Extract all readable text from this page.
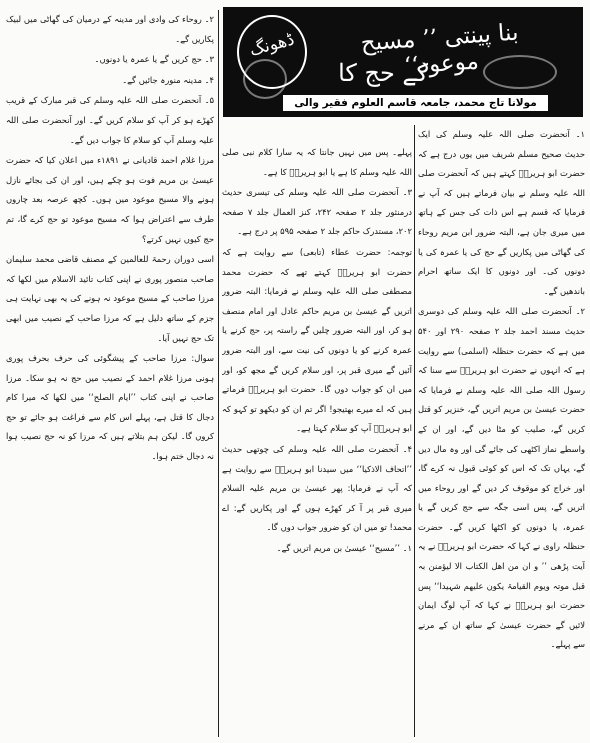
ڈھونگ	بنا پینتی ’’ مسیح موعود‘‘
کے حج کا
مولانا تاج محمد، جامعہ قاسم العلوم فقیر والی

۱۔ آنحضرت صلی اللہ علیہ وسلم کی ایک حدیث صحیح مسلم شریف میں یوں درج ہے کہ حضرت ابو ہریرہؓ کہتے ہیں کہ آنحضرت صلی اللہ علیہ وسلم نے بیان فرماتے ہیں کہ آپ نے فرمایا کہ قسم ہے اس ذات کی جس کے ہاتھ میں میری جان ہے، البتہ ضرور ابن مریم روحاء کی گھاٹی میں پکاریں گے حج کی یا عمرہ کی یا دونوں کی۔ اور دونوں کا ایک ساتھ احرام باندھیں گے۔

۲۔ آنحضرت صلی اللہ علیہ وسلم کی دوسری حدیث مسند احمد جلد ۲ صفحہ ۲۹۰ اور ۵۴۰ میں ہے کہ حضرت حنظلہ (اسلمی) سے روایت ہے کہ انہوں نے حضرت ابو ہریرہؓ سے سنا کہ رسول اللہ صلی اللہ علیہ وسلم نے فرمایا کہ حضرت عیسیٰ بن مریم اتریں گے، خنزیر کو قتل کریں گے، صلیب کو مٹا دیں گے، اور ان کے واسطے نماز اکٹھی کی جائے گی اور وہ مال دیں گے، یہاں تک کہ اس کو کوئی قبول نہ کرے گا، اور خراج کو موقوف کر دیں گے اور روحاء میں اتریں گے، پس اسی جگہ سے حج کریں گے یا عمرہ، یا دونوں کو اکٹھا کریں گے۔ حضرت حنظلہ راوی نے کہا کہ حضرت ابو ہریرہؓ نے یہ آیت پڑھی ’’ و ان من اھل الکتاب الا لیؤمنن بہ قبل موتہ ویوم القیامۃ یکون علیھم شہیدا‘‘ پس حضرت ابو ہریرہؓ نے کہا کہ آپ لوگ ایمان لائیں گے حضرت عیسیٰ کے ساتھ ان کے مرنے سے پہلے۔

پہلے۔ پس میں نہیں جانتا کہ یہ سارا کلام نبی صلی اللہ علیہ وسلم کا ہے یا ابو ہریرہؓ کا ہے۔

۳۔ آنحضرت صلی اللہ علیہ وسلم کی تیسری حدیث درمنثور جلد ۲ صفحہ ۲۴۲، کنز العمال جلد ۷ صفحہ ۲۰۲، مستدرک حاکم جلد ۲ صفحہ ۵۹۵ پر درج ہے۔

توجمہ: حضرت عطاء (تابعی) سے روایت ہے کہ حضرت ابو ہریرہؓ کہتے تھے کہ حضرت محمد مصطفی صلی اللہ علیہ وسلم نے فرمایا: البتہ ضرور اتریں گے عیسیٰ بن مریم حاکم عادل اور امام منصف ہو کر، اور البتہ ضرور چلیں گے راستہ پر، حج کرنے یا عمرہ کرنے کو یا دونوں کی نیت سے، اور البتہ ضرور آئیں گے میری قبر پر، اور سلام کریں گے مجھ کو، اور میں ان کو جواب دوں گا۔ حضرت ابو ہریرہؓ فرماتے ہیں کہ اے میرے بھتیجو! اگر تم ان کو دیکھو تو کہو کہ ابو ہریرہؓ آپ کو سلام کہتا ہے۔

۴۔ آنحضرت صلی اللہ علیہ وسلم کی چوتھی حدیث ’’اتحاف الاذکیا‘‘ میں سیدنا ابو ہریرہؓ سے روایت ہے کہ آپ نے فرمایا: پھر عیسیٰ بن مریم علیہ السلام میری قبر پر آ کر کھڑے ہوں گے اور پکاریں گے: اے محمد! تو میں ان کو ضرور جواب دوں گا۔

۱۔ ’’مسیح‘‘ عیسیٰ بن مریم اتریں گے۔

۲۔ روحاء کی وادی اور مدینہ کے درمیان کی گھاٹی میں لبیک پکاریں گے۔

۳۔ حج کریں گے یا عمرہ یا دونوں۔

۴۔ مدینہ منورہ جائیں گے۔

۵۔ آنحضرت صلی اللہ علیہ وسلم کی قبر مبارک کے قریب کھڑے ہو کر آپ کو سلام کریں گے۔ اور آنحضرت صلی اللہ علیہ وسلم آپ کو سلام کا جواب دیں گے۔

مرزا غلام احمد قادیانی نے ۱۸۹۱ء میں اعلان کیا کہ حضرت عیسیٰ بن مریم فوت ہو چکے ہیں، اور ان کی بجائے نازل ہونے والا مسیح موعود میں ہوں۔ کچھ عرصہ بعد چاروں طرف سے اعتراض ہوا کہ مسیح موعود تو حج کرے گا، تم حج کیوں نہیں کرتے؟

اسی دوران رحمۃ للعالمین کے مصنف قاضی محمد سلیمان صاحب منصور پوری نے اپنی کتاب تائید الاسلام میں لکھا کہ مرزا صاحب کے مسیح موعود نہ ہونے کی یہ بھی نہایت ہی جزم کے ساتھ دلیل ہے کہ مرزا صاحب کے نصیب میں ابھی تک حج نہیں آیا۔

سوال: مرزا صاحب کے پیشگوئی کی حرف بحرف پوری ہونی مرزا غلام احمد کے نصیب میں حج نہ ہو سکا۔ مرزا صاحب نے اپنی کتاب ’’ایام الصلح‘‘ میں لکھا کہ میرا کام دجال کا قتل ہے، پہلے اس کام سے فراغت ہو جائے تو حج کروں گا۔ لیکن ہم بتلاتے ہیں کہ مرزا کو نہ حج نصیب ہوا نہ دجال ختم ہوا۔
